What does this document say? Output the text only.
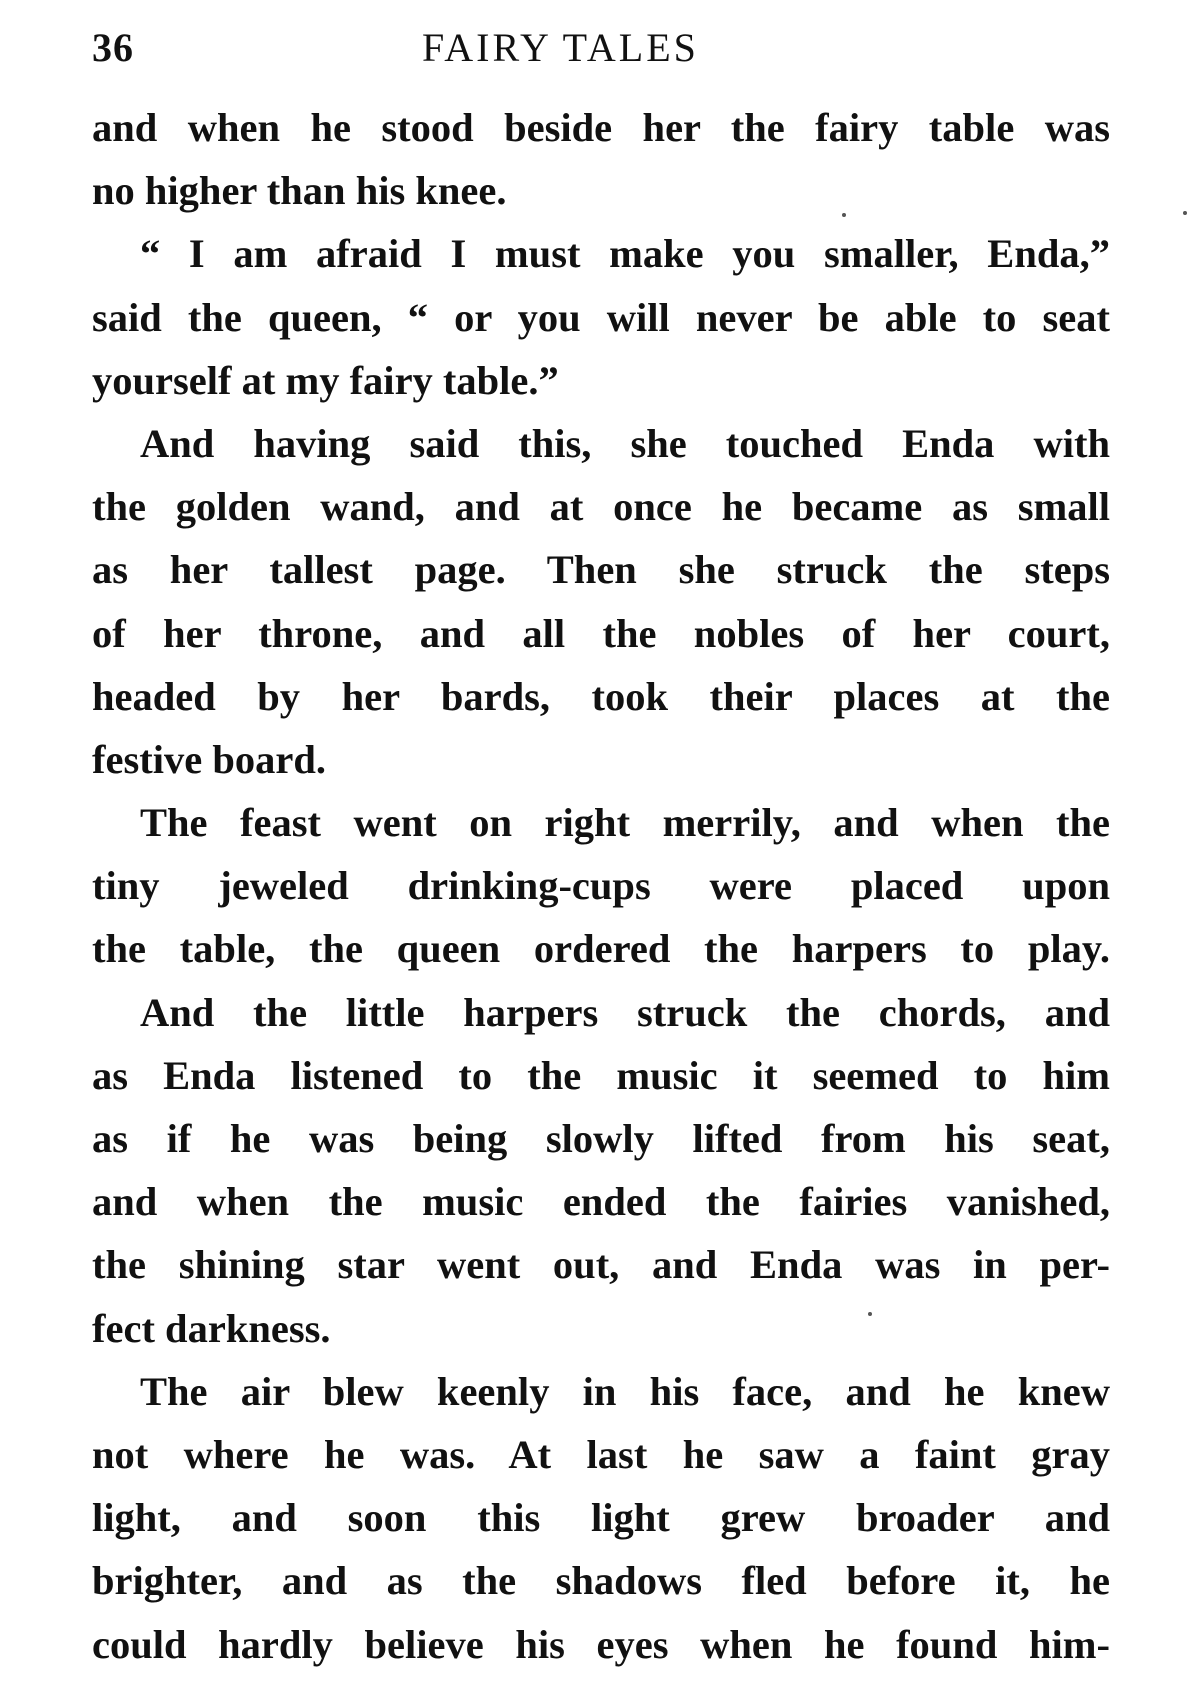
36	FAIRY TALES
and when he stood beside her the fairy table was
no higher than his knee.
“ I am afraid I must make you smaller, Enda,”
said the queen, “ or you will never be able to seat
yourself at my fairy table.”
And having said this, she touched Enda with
the golden wand, and at once he became as small
as her tallest page. Then she struck the steps
of her throne, and all the nobles of her court,
headed by her bards, took their places at the
festive board.
The feast went on right merrily, and when the
tiny jeweled drinking-cups were placed upon
the table, the queen ordered the harpers to play.
And the little harpers struck the chords, and
as Enda listened to the music it seemed to him
as if he was being slowly lifted from his seat,
and when the music ended the fairies vanished,
the shining star went out, and Enda was in per-
fect darkness.
The air blew keenly in his face, and he knew
not where he was. At last he saw a faint gray
light, and soon this light grew broader and
brighter, and as the shadows fled before it, he
could hardly believe his eyes when he found him-
